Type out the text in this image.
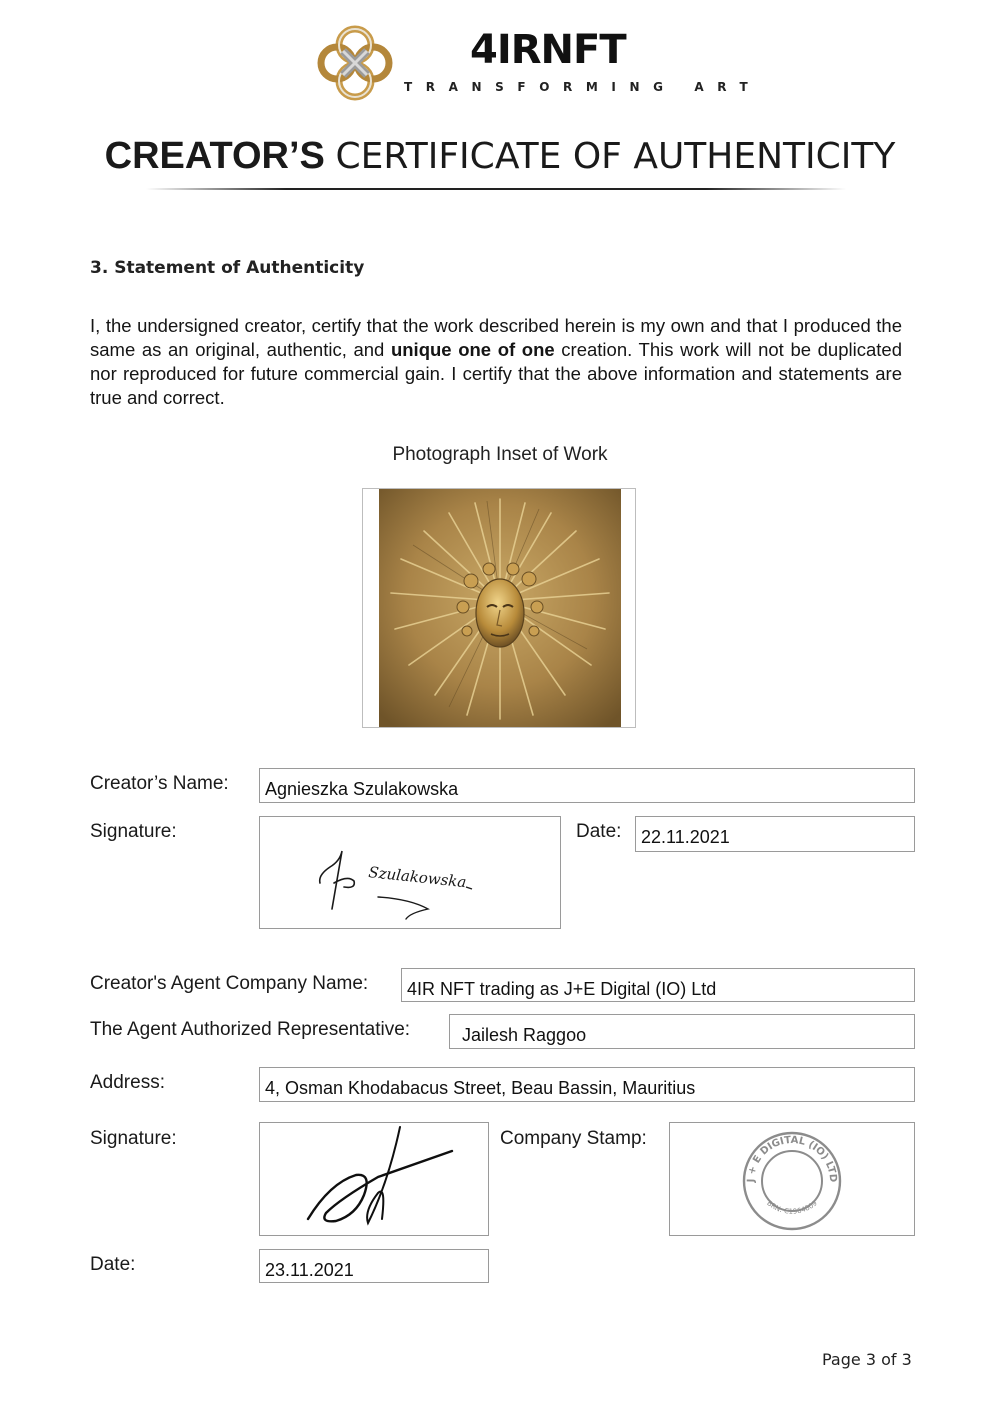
4IRNFT
TRANSFORMING ART
CREATOR’S CERTIFICATE OF AUTHENTICITY
3. Statement of Authenticity
I, the undersigned creator, certify that the work described herein is my own and that I produced the same as an original, authentic, and unique one of one creation. This work will not be duplicated nor reproduced for future commercial gain. I certify that the above information and statements are true and correct.
Photograph Inset of Work
Creator’s Name: Agnieszka Szulakowska
Signature:
Szulakowska
Date: 22.11.2021
Creator's Agent Company Name: 4IR NFT trading as J+E Digital (IO) Ltd
The Agent Authorized Representative:	Jailesh Raggoo
Address:	4, Osman Khodabacus Street, Beau Bassin, Mauritius
Signature:	Company Stamp:
J + E DIGITAL (IO) LTD
BRN: C1964809
Date:	23.11.2021
Page 3 of 3
